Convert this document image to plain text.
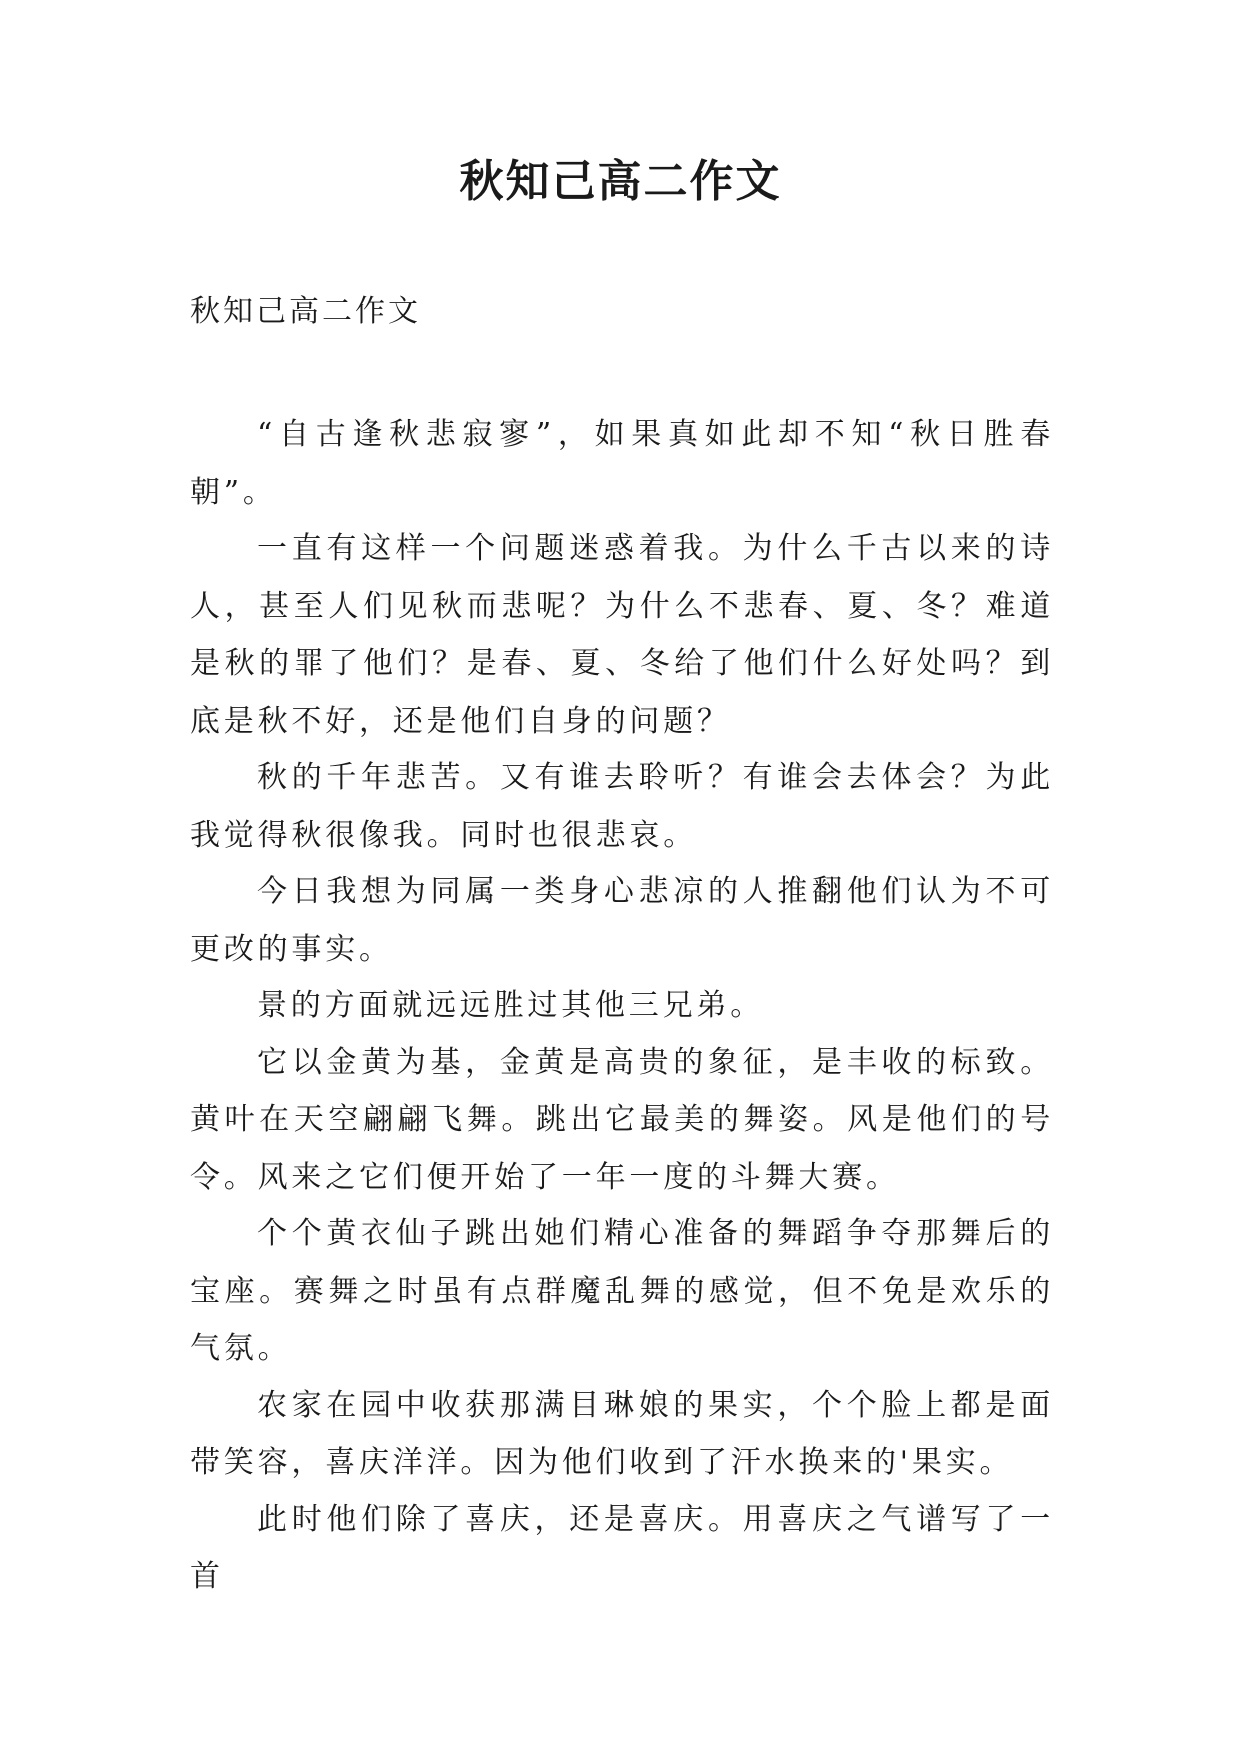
秋知己高二作文

秋知己高二作文

“自古逢秋悲寂寥”，如果真如此却不知“秋日胜春朝”。

一直有这样一个问题迷惑着我。为什么千古以来的诗人，甚至人们见秋而悲呢？为什么不悲春、夏、冬？难道是秋的罪了他们？是春、夏、冬给了他们什么好处吗？到底是秋不好，还是他们自身的问题？

秋的千年悲苦。又有谁去聆听？有谁会去体会？为此我觉得秋很像我。同时也很悲哀。

今日我想为同属一类身心悲凉的人推翻他们认为不可更改的事实。

景的方面就远远胜过其他三兄弟。

它以金黄为基，金黄是高贵的象征，是丰收的标致。黄叶在天空翩翩飞舞。跳出它最美的舞姿。风是他们的号令。风来之它们便开始了一年一度的斗舞大赛。

个个黄衣仙子跳出她们精心准备的舞蹈争夺那舞后的宝座。赛舞之时虽有点群魔乱舞的感觉，但不免是欢乐的气氛。

农家在园中收获那满目琳娘的果实，个个脸上都是面带笑容，喜庆洋洋。因为他们收到了汗水换来的'果实。

此时他们除了喜庆，还是喜庆。用喜庆之气谱写了一首
